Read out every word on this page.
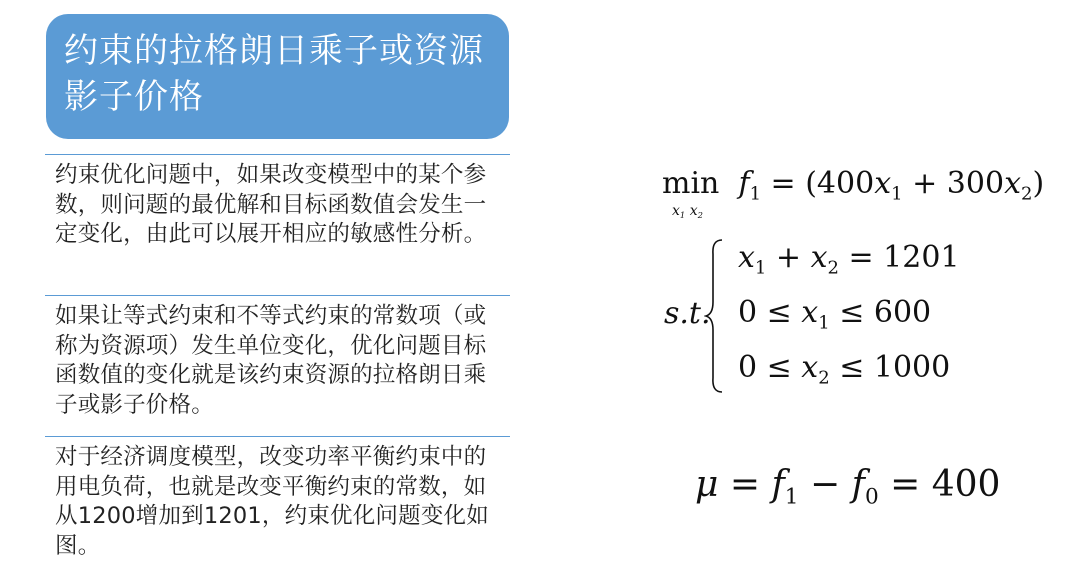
约束的拉格朗日乘子或资源影子价格
约束优化问题中，如果改变模型中的某个参数，则问题的最优解和目标函数值会发生一定变化，由此可以展开相应的敏感性分析。
如果让等式约束和不等式约束的常数项（或称为资源项）发生单位变化，优化问题目标函数值的变化就是该约束资源的拉格朗日乘子或影子价格。
对于经济调度模型，改变功率平衡约束中的用电负荷，也就是改变平衡约束的常数，如从1200增加到1201，约束优化问题变化如图。
$\min f_1 = (400x_1 + 300x_2)$
$x_1$ $x_2$
s.t.
$x_1 + x_2 = 1201$
$0 \le x_1 \le 600$
$0 \le x_2 \le 1000$
$\mu = f_1 - f_0 = 400$
